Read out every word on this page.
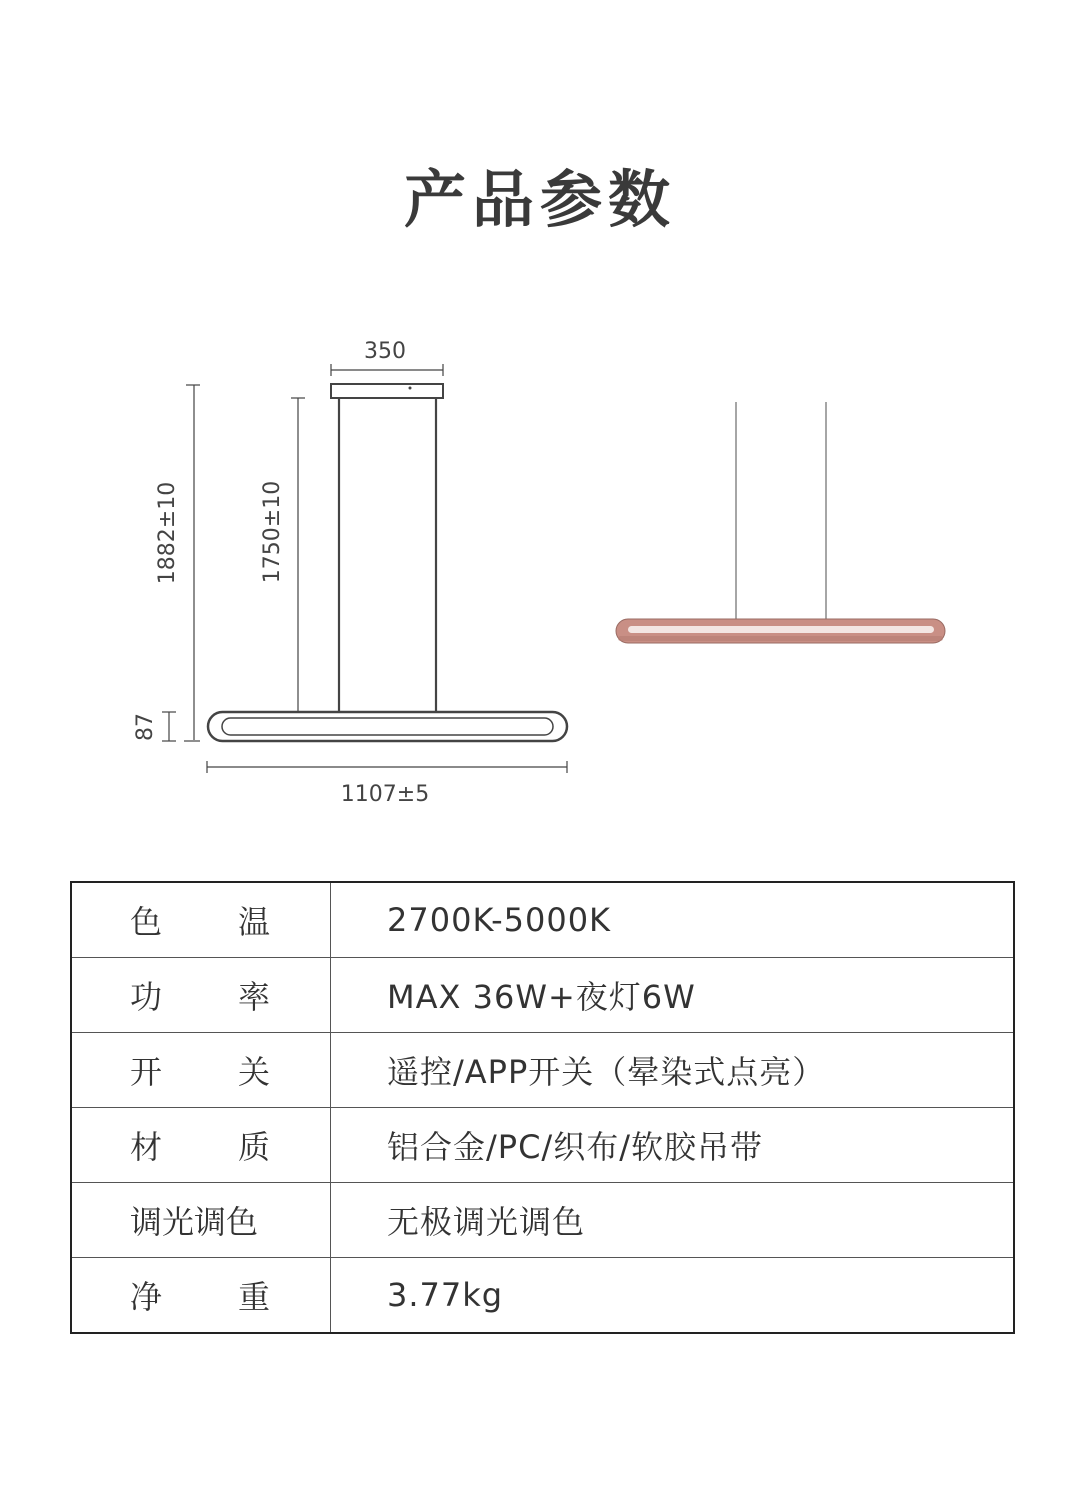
产品参数
350
1882±10	1750±10
87
1107±5
色 温	2700K-5000K

功 率	MAX 36W+夜灯6W

开 关	遥控/APP开关（晕染式点亮）

材 质	铝合金/PC/织布/软胶吊带

调光调色	无极调光调色

净 重	3.77kg
